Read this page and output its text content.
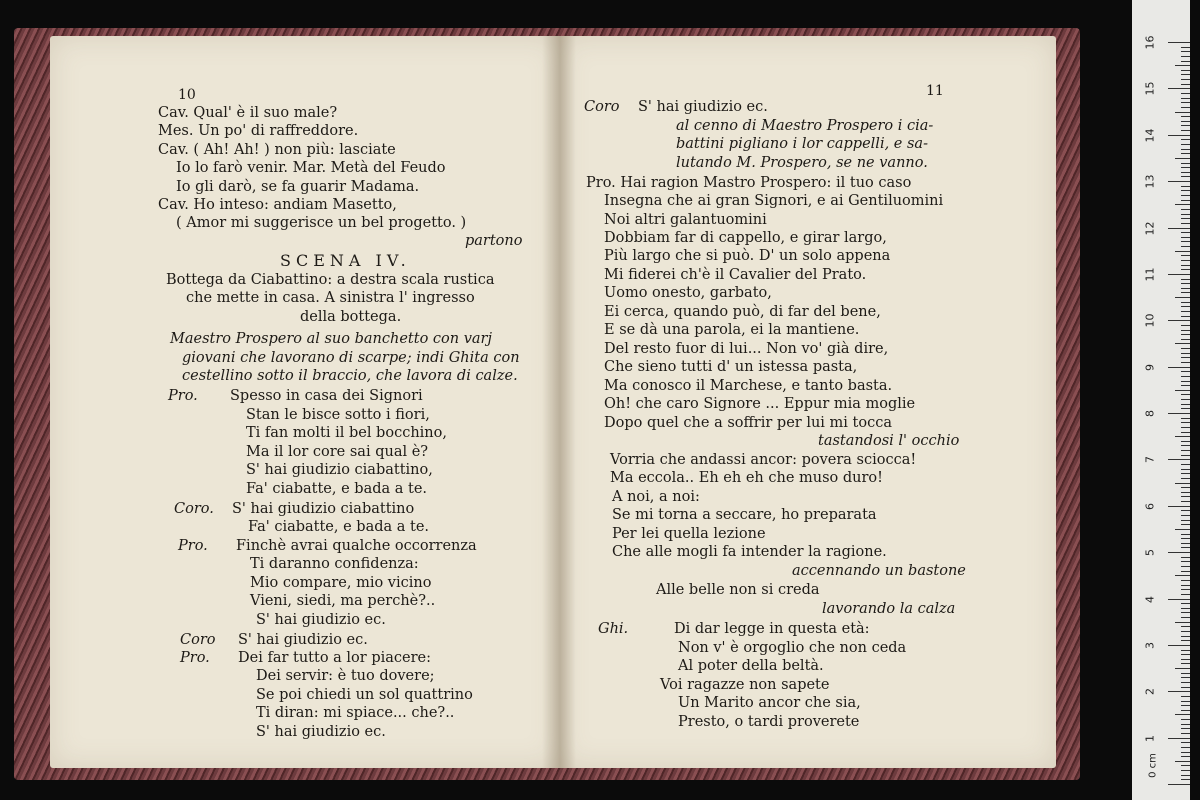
10
Cav. Qual' è il suo male?
Mes. Un po' di raffreddore.
Cav. ( Ah! Ah! ) non più: lasciate
Io lo farò venir. Mar. Metà del Feudo
Io gli darò, se fa guarir Madama.
Cav. Ho inteso: andiam Masetto,
( Amor mi suggerisce un bel progetto. )
partono
SCENA IV.
Bottega da Ciabattino: a destra scala rustica
che mette in casa. A sinistra l' ingresso
della bottega.
Maestro Prospero al suo banchetto con varj
giovani che lavorano di scarpe; indi Ghita con
cestellino sotto il braccio, che lavora di calze.
Pro. Spesso in casa dei Signori
Stan le bisce sotto i fiori,
Ti fan molti il bel bocchino,
Ma il lor core sai qual è?
S' hai giudizio ciabattino,
Fa' ciabatte, e bada a te.
Coro. S' hai giudizio ciabattino
Fa' ciabatte, e bada a te.
Pro. Finchè avrai qualche occorrenza
Ti daranno confidenza:
Mio compare, mio vicino
Vieni, siedi, ma perchè?..
S' hai giudizio ec.
Coro S' hai giudizio ec.
Pro. Dei far tutto a lor piacere:
Dei servir: è tuo dovere;
Se poi chiedi un sol quattrino
Ti diran: mi spiace... che?..
S' hai giudizio ec.
11
Coro S' hai giudizio ec.
al cenno di Maestro Prospero i cia-
battini pigliano i lor cappelli, e sa-
lutando M. Prospero, se ne vanno.
Pro. Hai ragion Mastro Prospero: il tuo caso
Insegna che ai gran Signori, e ai Gentiluomini
Noi altri galantuomini
Dobbiam far di cappello, e girar largo,
Più largo che si può. D' un solo appena
Mi fiderei ch'è il Cavalier del Prato.
Uomo onesto, garbato,
Ei cerca, quando può, di far del bene,
E se dà una parola, ei la mantiene.
Del resto fuor di lui... Non vo' già dire,
Che sieno tutti d' un istessa pasta,
Ma conosco il Marchese, e tanto basta.
Oh! che caro Signore ... Eppur mia moglie
Dopo quel che a soffrir per lui mi tocca
tastandosi l' occhio
Vorria che andassi ancor: povera sciocca!
Ma eccola.. Eh eh eh che muso duro!
A noi, a noi:
Se mi torna a seccare, ho preparata
Per lei quella lezione
Che alle mogli fa intender la ragione.
accennando un bastone
Alle belle non si creda
lavorando la calza
Ghi.	Di dar legge in questa età:
Non v' è orgoglio che non ceda
Al poter della beltà.
Voi ragazze non sapete
Un Marito ancor che sia,
Presto, o tardi proverete
0 cm
16
15
14
13
12
11
10
9
8
7
6
5
4
3
2
1
